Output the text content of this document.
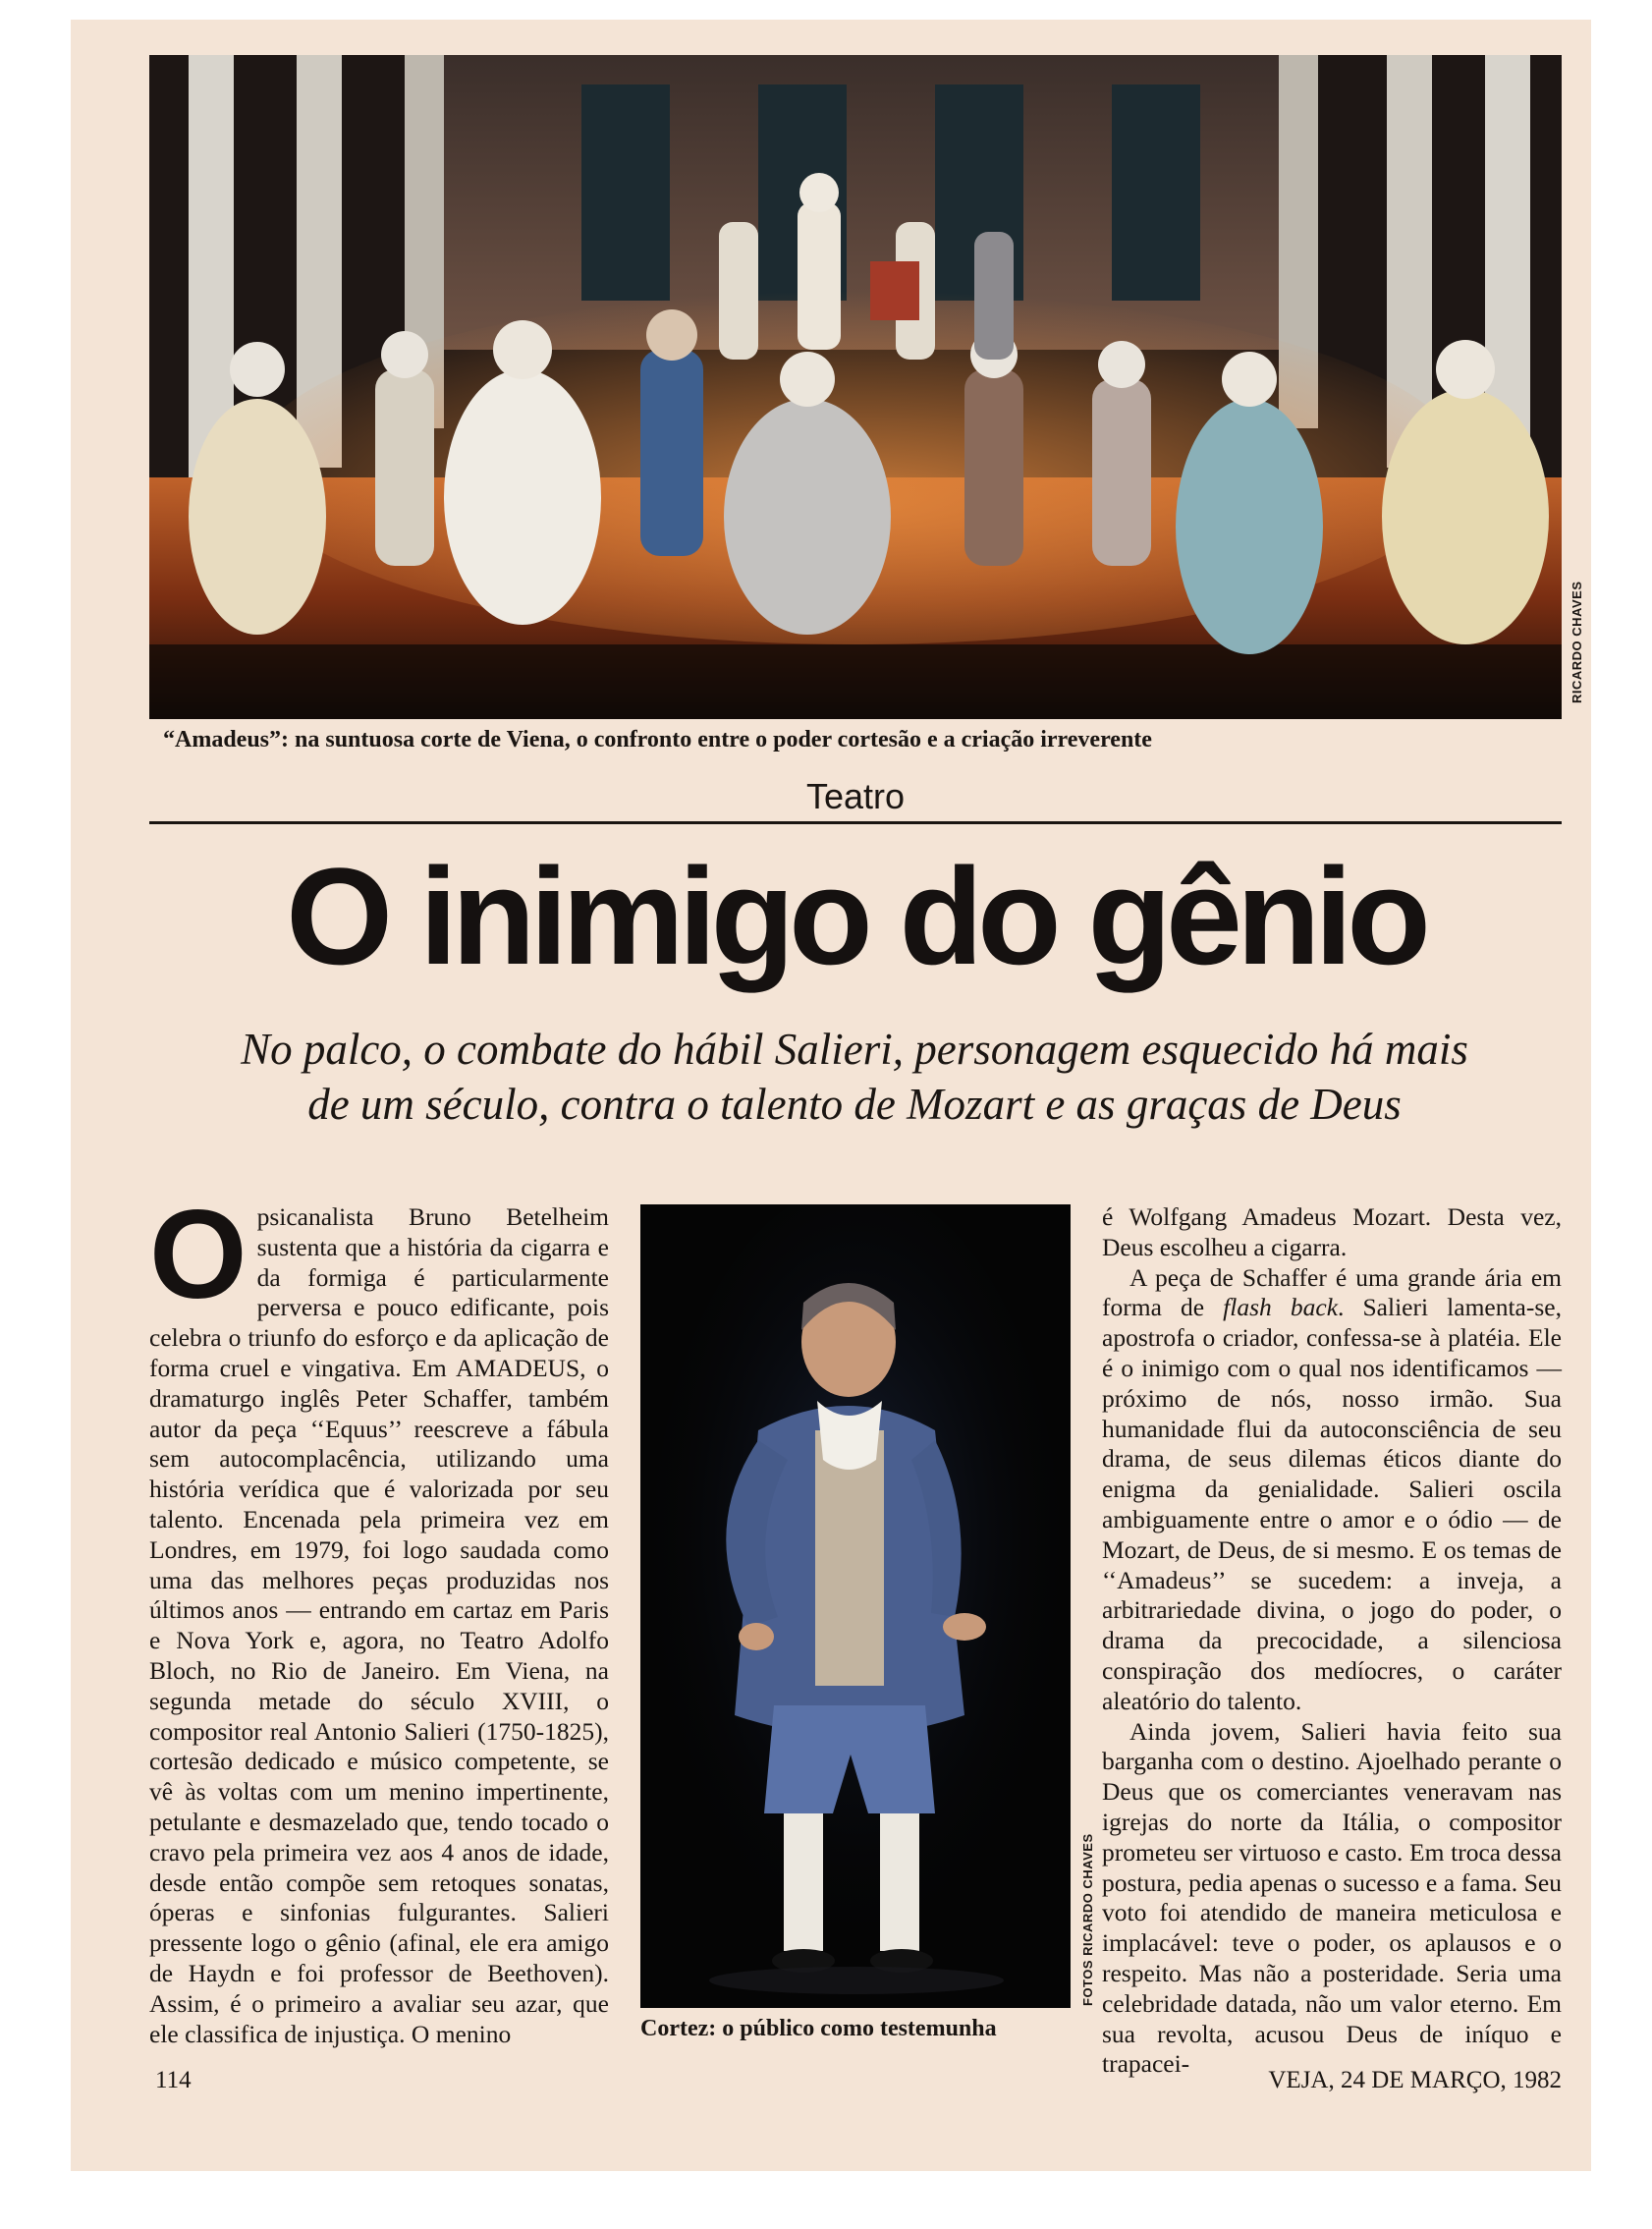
RICARDO CHAVES
“Amadeus”: na suntuosa corte de Viena, o confronto entre o poder cortesão e a criação irreverente
Teatro
O inimigo do gênio
No palco, o combate do hábil Salieri, personagem esquecido há mais de um século, contra o talento de Mozart e as graças de Deus
O psicanalista Bruno Betelheim sustenta que a história da cigarra e da formiga é particularmente perversa e pouco edificante, pois celebra o triunfo do esforço e da aplicação de forma cruel e vingativa. Em AMADEUS, o dramaturgo inglês Peter Schaffer, também autor da peça ‘‘Equus’’ reescreve a fábula sem autocomplacência, utilizando uma história verídica que é valorizada por seu talento. Encenada pela primeira vez em Londres, em 1979, foi logo saudada como uma das melhores peças produzidas nos últimos anos — entrando em cartaz em Paris e Nova York e, agora, no Teatro Adolfo Bloch, no Rio de Janeiro. Em Viena, na segunda metade do século XVIII, o compositor real Antonio Salieri (1750-1825), cortesão dedicado e músico competente, se vê às voltas com um menino impertinente, petulante e desmazelado que, tendo tocado o cravo pela primeira vez aos 4 anos de idade, desde então compõe sem retoques sonatas, óperas e sinfonias fulgurantes. Salieri pressente logo o gênio (afinal, ele era amigo de Haydn e foi professor de Beethoven). Assim, é o primeiro a avaliar seu azar, que ele classifica de injustiça. O menino

FOTOS RICARDO CHAVES
Cortez: o público como testemunha

é Wolfgang Amadeus Mozart. Desta vez, Deus escolheu a cigarra.

A peça de Schaffer é uma grande ária em forma de flash back. Salieri lamenta-se, apostrofa o criador, confessa-se à platéia. Ele é o inimigo com o qual nos identificamos — próximo de nós, nosso irmão. Sua humanidade flui da autoconsciência de seu drama, de seus dilemas éticos diante do enigma da genialidade. Salieri oscila ambiguamente entre o amor e o ódio — de Mozart, de Deus, de si mesmo. E os temas de ‘‘Amadeus’’ se sucedem: a inveja, a arbitrariedade divina, o jogo do poder, o drama da precocidade, a silenciosa conspiração dos medíocres, o caráter aleatório do talento.

Ainda jovem, Salieri havia feito sua barganha com o destino. Ajoelhado perante o Deus que os comerciantes veneravam nas igrejas do norte da Itália, o compositor prometeu ser virtuoso e casto. Em troca dessa postura, pedia apenas o sucesso e a fama. Seu voto foi atendido de maneira meticulosa e implacável: teve o poder, os aplausos e o respeito. Mas não a posteridade. Seria uma celebridade datada, não um valor eterno. Em sua revolta, acusou Deus de iníquo e trapacei-

114	VEJA, 24 DE MARÇO, 1982
